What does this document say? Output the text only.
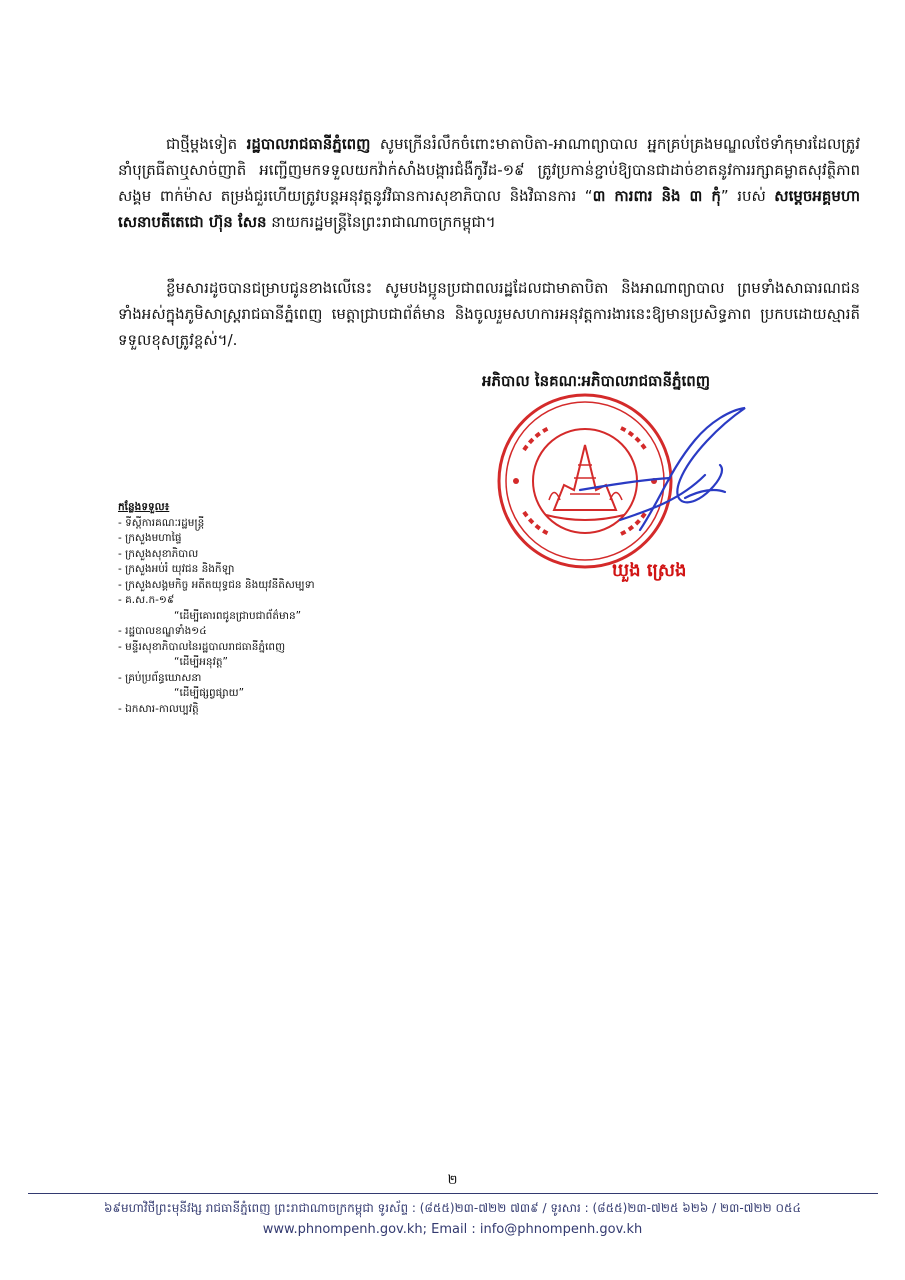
ជាថ្មីម្ដងទៀត រដ្ឋបាលរាជធានីភ្នំពេញ សូមក្រើនរំលឹកចំពោះមាតាបិតា-អាណាព្យាបាល អ្នកគ្រប់គ្រងមណ្ឌលថែទាំកុមារដែលត្រូវនាំបុត្រធីតាឬសាច់ញាតិ អញ្ជើញមកទទួលយកវ៉ាក់សាំងបង្ការជំងឺកូវីដ-១៩ ត្រូវប្រកាន់ខ្ជាប់ឱ្យបានជាដាច់ខាតនូវការរក្សាគម្លាតសុវត្ថិភាពសង្គម ពាក់ម៉ាស តម្រង់ជួរហើយត្រូវបន្តអនុវត្តនូវវិធានការសុខាភិបាល និងវិធានការ “៣ ការពារ និង ៣ កុំ” របស់ សម្ដេចអគ្គមហាសេនាបតីតេជោ ហ៊ុន សែន នាយករដ្ឋមន្ត្រីនៃព្រះរាជាណាចក្រកម្ពុជា។

ខ្លឹមសារដូចបានជម្រាបជូនខាងលើនេះ សូមបងប្អូនប្រជាពលរដ្ឋដែលជាមាតាបិតា និងអាណាព្យាបាល ព្រមទាំងសាធារណជនទាំងអស់ក្នុងភូមិសាស្ត្ររាជធានីភ្នំពេញ មេត្តាជ្រាបជាព័ត៌មាន និងចូលរួមសហការអនុវត្តការងារនេះឱ្យមានប្រសិទ្ធភាព ប្រកបដោយស្មារតីទទួលខុសត្រូវខ្ពស់។/.

អភិបាល នៃគណៈអភិបាលរាជធានីភ្នំពេញ
ឃួង ស្រេង
កន្លែងទទួល៖
- ទីស្ដីការគណៈរដ្ឋមន្ត្រី
- ក្រសួងមហាផ្ទៃ
- ក្រសួងសុខាភិបាល
- ក្រសួងអប់រំ យុវជន និងកីឡា
- ក្រសួងសង្គមកិច្ច អតីតយុទ្ធជន និងយុវនីតិសម្បទា
- គ.ស.ក-១៩
“ដើម្បីគោរពជូនជ្រាបជាព័ត៌មាន”
- រដ្ឋបាលខណ្ឌទាំង១៤
- មន្ទីរសុខាភិបាលនៃរដ្ឋបាលរាជធានីភ្នំពេញ
“ដើម្បីអនុវត្ត”
- គ្រប់ប្រព័ន្ធឃោសនា
“ដើម្បីផ្សព្វផ្សាយ”
- ឯកសារ-កាលប្បវត្តិ
២
៦៩មហាវិថីព្រះមុនីវង្ស រាជធានីភ្នំពេញ ព្រះរាជាណាចក្រកម្ពុជា ទូរស័ព្ទ : (៨៥៥)២៣-៧២២ ៧៣៩ / ទូរសារ : (៨៥៥)២៣-៧២៥ ៦២៦ / ២៣-៧២២ ០៥៤
www.phnompenh.gov.kh; Email : info@phnompenh.gov.kh
